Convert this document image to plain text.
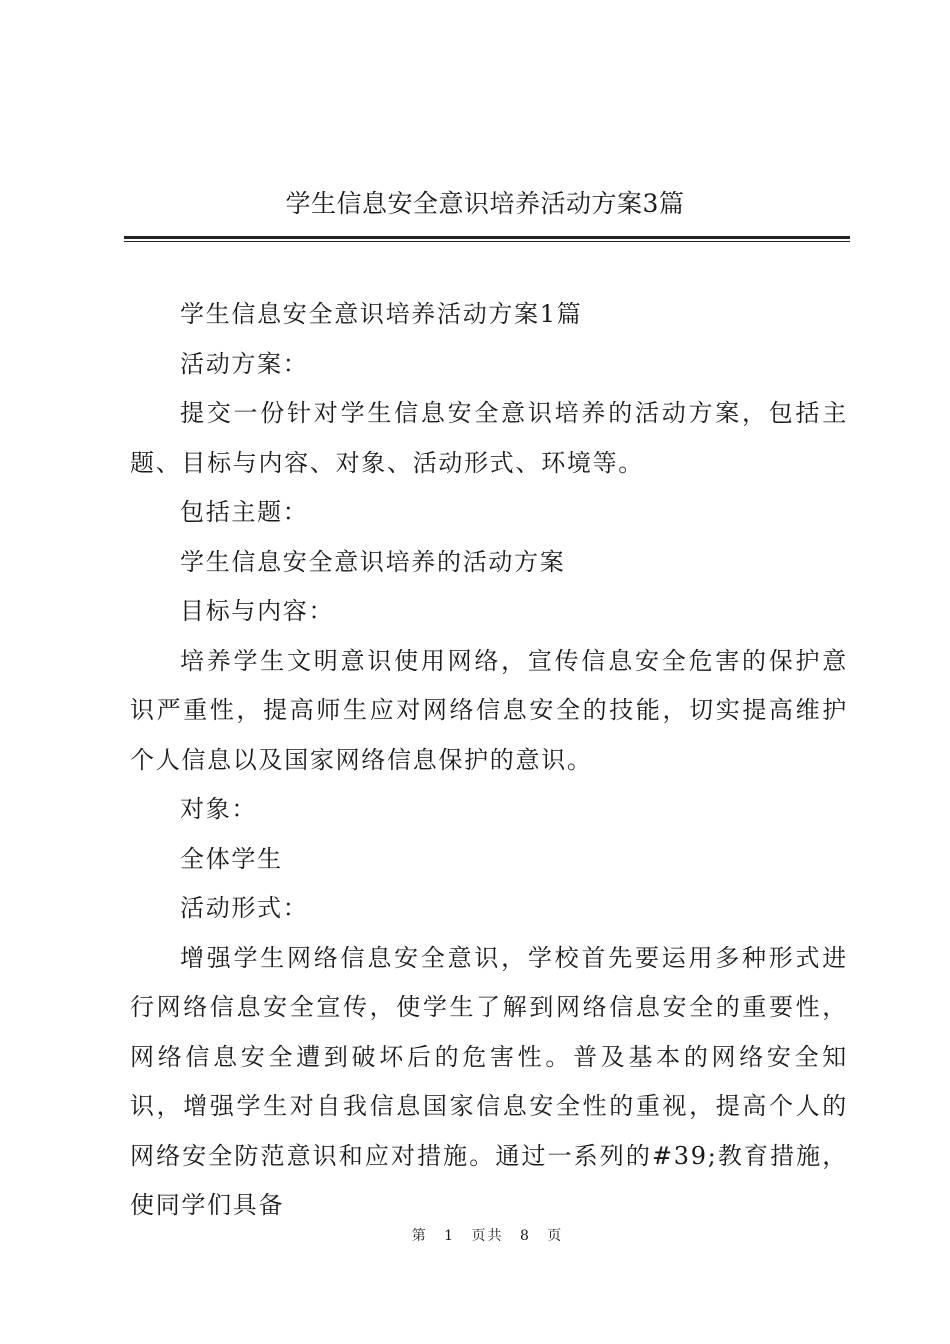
学生信息安全意识培养活动方案3篇

学生信息安全意识培养活动方案1篇

活动方案：

提交一份针对学生信息安全意识培养的活动方案，包括主题、目标与内容、对象、活动形式、环境等。

包括主题：

学生信息安全意识培养的活动方案

目标与内容：

培养学生文明意识使用网络，宣传信息安全危害的保护意识严重性，提高师生应对网络信息安全的技能，切实提高维护个人信息以及国家网络信息保护的意识。

对象：

全体学生

活动形式：

增强学生网络信息安全意识，学校首先要运用多种形式进行网络信息安全宣传，使学生了解到网络信息安全的重要性，网络信息安全遭到破坏后的危害性。普及基本的网络安全知识，增强学生对自我信息国家信息安全性的重视，提高个人的网络安全防范意识和应对措施。通过一系列的#39;教育措施，使同学们具备

第 1 页共 8 页
